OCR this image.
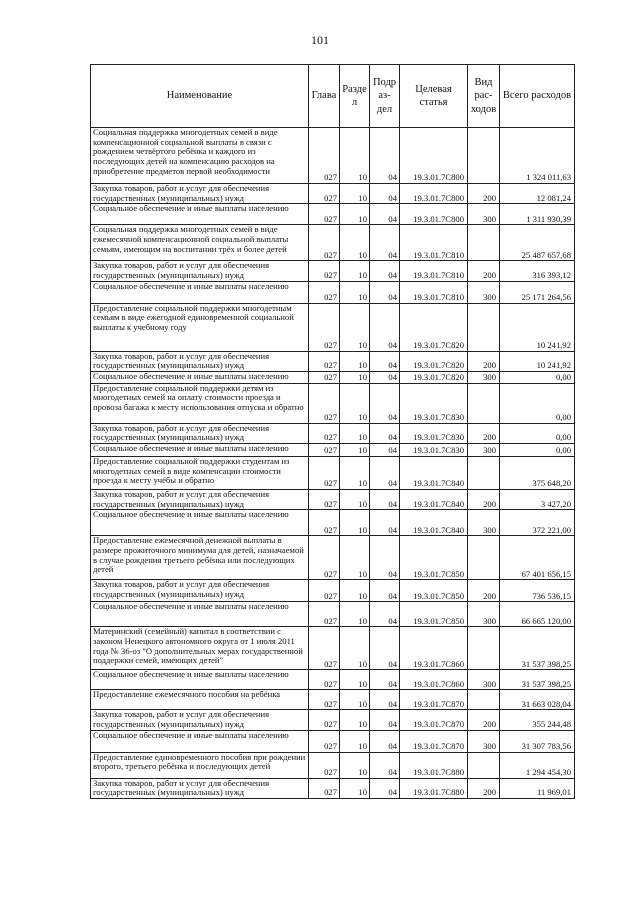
101
Наименование	Глава	Разде л	Подр аз- дел	Целевая статья	Вид рас- ходов	Всего расходов
Социальная поддержка многодетных семей в виде компенсационной социальной выплаты в связи с рождением четвёртого ребёнка и каждого из последующих детей на компенсацию расходов на приобретение предметов первой необходимости	027	10	04	19.3.01.7С800		1 324 011,63
Закупка товаров, работ и услуг для обеспечения государственных (муниципальных) нужд	027	10	04	19.3.01.7С800	200	12 081,24
Социальное обеспечение и иные выплаты населению	027	10	04	19.3.01.7С800	300	1 311 930,39
Социальная поддержка многодетных семей в виде ежемесячной компенсационной социальной выплаты семьям, имеющим на воспитании трёх и более детей	027	10	04	19.3.01.7С810		25 487 657,68
Закупка товаров, работ и услуг для обеспечения государственных (муниципальных) нужд	027	10	04	19.3.01.7С810	200	316 393,12
Социальное обеспечение и иные выплаты населению	027	10	04	19.3.01.7С810	300	25 171 264,56
Предоставление социальной поддержки многодетным семьям в виде ежегодной единовременной социальной выплаты к учебному году	027	10	04	19.3.01.7С820		10 241,92
Закупка товаров, работ и услуг для обеспечения государственных (муниципальных) нужд	027	10	04	19.3.01.7С820	200	10 241,92
Социальное обеспечение и иные выплаты населению	027	10	04	19.3.01.7С820	300	0,00
Предоставление социальной поддержки детям из многодетных семей на оплату стоимости проезда и провоза багажа к месту использования отпуска и обратно	027	10	04	19.3.01.7С830		0,00
Закупка товаров, работ и услуг для обеспечения государственных (муниципальных) нужд	027	10	04	19.3.01.7С830	200	0,00
Социальное обеспечение и иные выплаты населению	027	10	04	19.3.01.7С830	300	0,00
Предоставление социальной поддержки студентам из многодетных семей в виде компенсации стоимости проезда к месту учёбы и обратно	027	10	04	19.3.01.7С840		375 648,20
Закупка товаров, работ и услуг для обеспечения государственных (муниципальных) нужд	027	10	04	19.3.01.7С840	200	3 427,20
Социальное обеспечение и иные выплаты населению	027	10	04	19.3.01.7С840	300	372 221,00
Предоставление ежемесячной денежной выплаты в размере прожиточного минимума для детей, назначаемой в случае рождения третьего ребёнка или последующих детей	027	10	04	19.3.01.7С850		67 401 656,15
Закупка товаров, работ и услуг для обеспечения государственных (муниципальных) нужд	027	10	04	19.3.01.7С850	200	736 536,15
Социальное обеспечение и иные выплаты населению	027	10	04	19.3.01.7С850	300	66 665 120,00
Материнский (семейный) капитал в соответствии с законом Ненецкого автономного округа от 1 июля 2011 года № 36-оз "О дополнительных мерах государственной поддержки семей, имеющих детей"	027	10	04	19.3.01.7С860		31 537 398,25
Социальное обеспечение и иные выплаты населению	027	10	04	19.3.01.7С860	300	31 537 398,25
Предоставление ежемесячного пособия на ребёнка	027	10	04	19.3.01.7С870		31 663 028,04
Закупка товаров, работ и услуг для обеспечения государственных (муниципальных) нужд	027	10	04	19.3.01.7С870	200	355 244,48
Социальное обеспечение и иные выплаты населению	027	10	04	19.3.01.7С870	300	31 307 783,56
Предоставление единовременного пособия при рождении второго, третьего ребёнка и последующих детей	027	10	04	19.3.01.7С880		1 294 454,30
Закупка товаров, работ и услуг для обеспечения государственных (муниципальных) нужд	027	10	04	19.3.01.7С880	200	11 969,01
